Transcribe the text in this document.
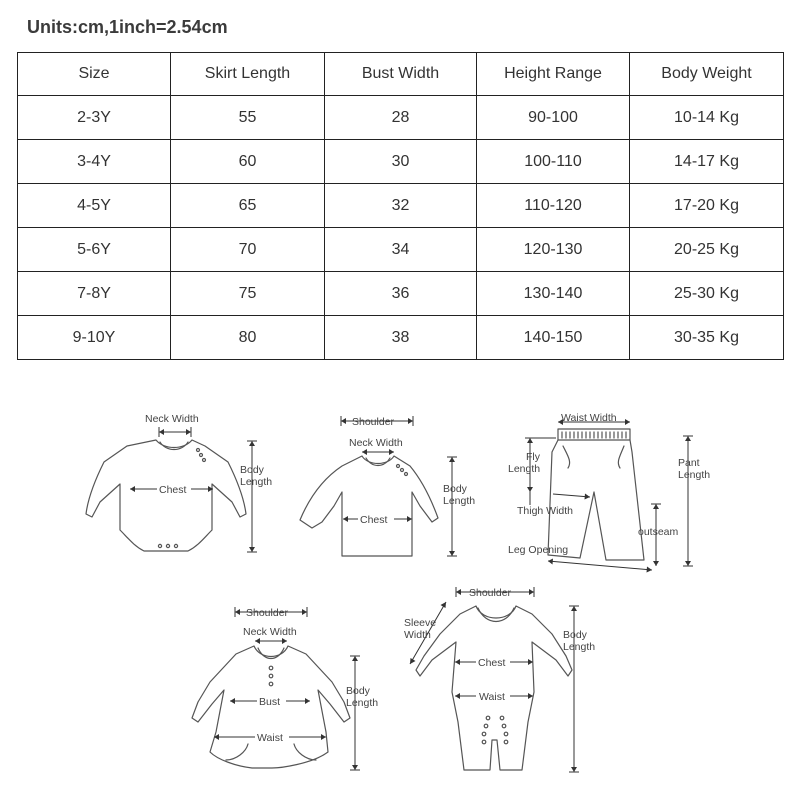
Units:cm,1inch=2.54cm
Size	Skirt Length	Bust Width	Height Range	Body Weight
2-3Y	55	28	90-100	10-14 Kg
3-4Y	60	30	100-110	14-17 Kg
4-5Y	65	32	110-120	17-20 Kg
5-6Y	70	34	120-130	20-25 Kg
7-8Y	75	36	130-140	25-30 Kg
9-10Y	80	38	140-150	30-35 Kg
Neck Width
Chest
Body
Length
Shoulder
Neck Width
Chest
Body
Length
Waist Width
Fly
Length	Pant
Length
Thigh Width
outseam
Leg Opening
Shoulder
Neck Width
Bust
Waist
Body
Length
Shoulder
Sleeve
Width
Chest
Waist
Body
Length
